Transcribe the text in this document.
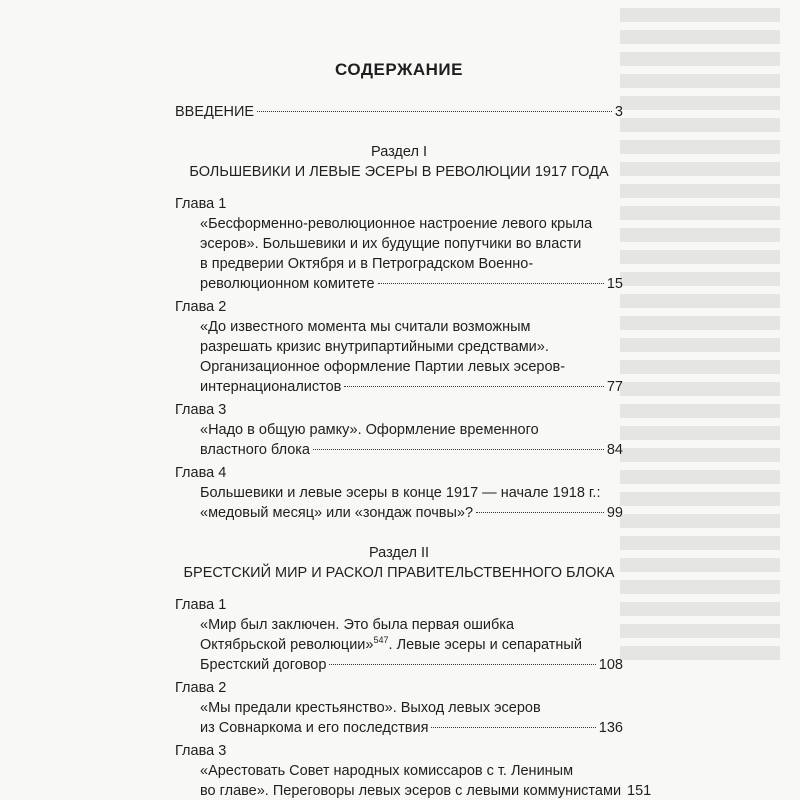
СОДЕРЖАНИЕ
ВВЕДЕНИЕ	3
Раздел I
БОЛЬШЕВИКИ И ЛЕВЫЕ ЭСЕРЫ В РЕВОЛЮЦИИ 1917 ГОДА
Глава 1
«Бесформенно-революционное настроение левого крыла
эсеров». Большевики и их будущие попутчики во власти
в предверии Октября и в Петроградском Военно-
революционном комитете	15
Глава 2
«До известного момента мы считали возможным
разрешать кризис внутрипартийными средствами».
Организационное оформление Партии левых эсеров-
интернационалистов	77
Глава 3
«Надо в общую рамку». Оформление временного
властного блока	84
Глава 4
Большевики и левые эсеры в конце 1917 — начале 1918 г.:
«медовый месяц» или «зондаж почвы»?	99
Раздел II
БРЕСТСКИЙ МИР И РАСКОЛ ПРАВИТЕЛЬСТВЕННОГО БЛОКА
Глава 1
«Мир был заключен. Это была первая ошибка
Октябрьской революции»$^{547}$. Левые эсеры и сепаратный
Брестский договор	108
Глава 2
«Мы предали крестьянство». Выход левых эсеров
из Совнаркома и его последствия	136
Глава 3
«Арестовать Совет народных комиссаров с т. Лениным
во главе». Переговоры левых эсеров с левыми коммунистами 151
